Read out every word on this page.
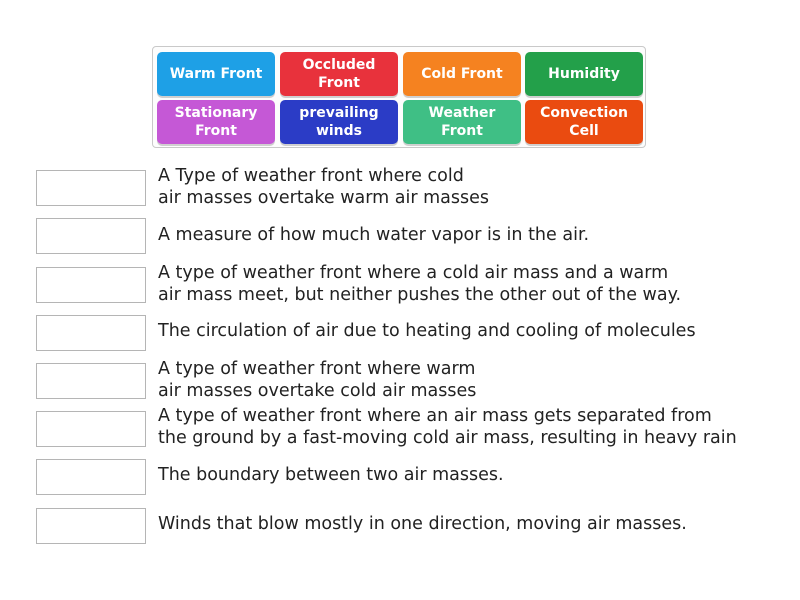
Warm Front
Occluded
Front
Cold Front	Humidity
Stationary
Front
prevailing
winds
Weather
Front
Convection
Cell
A Type of weather front where cold
air masses overtake warm air masses
A measure of how much water vapor is in the air.
A type of weather front where a cold air mass and a warm
air mass meet, but neither pushes the other out of the way.
The circulation of air due to heating and cooling of molecules
A type of weather front where warm
air masses overtake cold air masses
A type of weather front where an air mass gets separated from
the ground by a fast-moving cold air mass, resulting in heavy rain
The boundary between two air masses.
Winds that blow mostly in one direction, moving air masses.
